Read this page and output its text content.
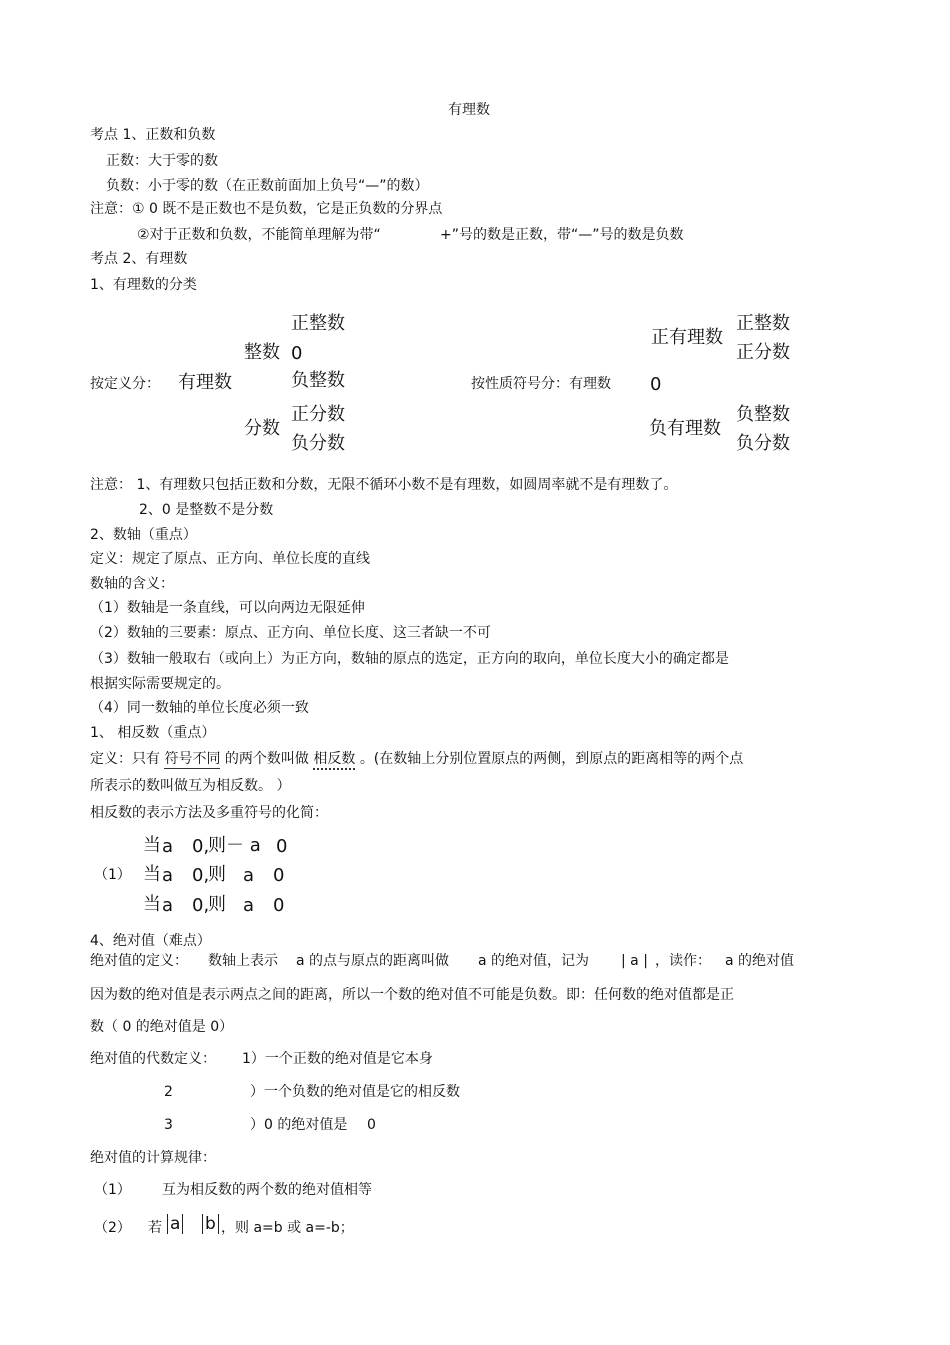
有理数
考点 1、正数和负数
正数：大于零的数
负数：小于零的数（在正数前面加上负号“—”的数）
注意：① 0 既不是正数也不是负数，它是正负数的分界点
②对于正数和负数，不能简单理解为带“	+”号的数是正数，带“—”号的数是负数
考点 2、有理数
1、有理数的分类
按定义分： 有理数
整数
正整数
0
负整数
分数
正分数
负分数
按性质符号分：有理数 0
正有理数
正整数
正分数
负有理数
负整数
负分数
注意： 1、有理数只包括正数和分数，无限不循环小数不是有理数，如圆周率就不是有理数了。
2、0 是整数不是分数
2、数轴（重点）
定义：规定了原点、正方向、单位长度的直线
数轴的含义：
（1）数轴是一条直线，可以向两边无限延伸
（2）数轴的三要素：原点、正方向、单位长度、这三者缺一不可
（3）数轴一般取右（或向上）为正方向，数轴的原点的选定，正方向的取向，单位长度大小的确定都是
根据实际需要规定的。
（4）同一数轴的单位长度必须一致
1、 相反数（重点）
定义：只有 符号不同 的两个数叫做 相反数 。(在数轴上分别位置原点的两侧，到原点的距离相等的两个点
所表示的数叫做互为相反数。 ）
相反数的表示方法及多重符号的化简：
（1）
当 a 0,
则－ a 0
当 a 0,
则 a 0
当 a 0,
则 a 0
4、绝对值（难点）
绝对值的定义： 数轴上表示 a 的点与原点的距离叫做 a 的绝对值，记为 | a | ，读作： a 的绝对值
因为数的绝对值是表示两点之间的距离，所以一个数的绝对值不可能是负数。即：任何数的绝对值都是正
数（ 0 的绝对值是 0）
绝对值的代数定义： 1）一个正数的绝对值是它本身
2	）一个负数的绝对值是它的相反数
3	）0 的绝对值是 0
绝对值的计算规律：
（1） 互为相反数的两个数的绝对值相等
（2） 若 a b ，则 a=b 或 a=-b；
